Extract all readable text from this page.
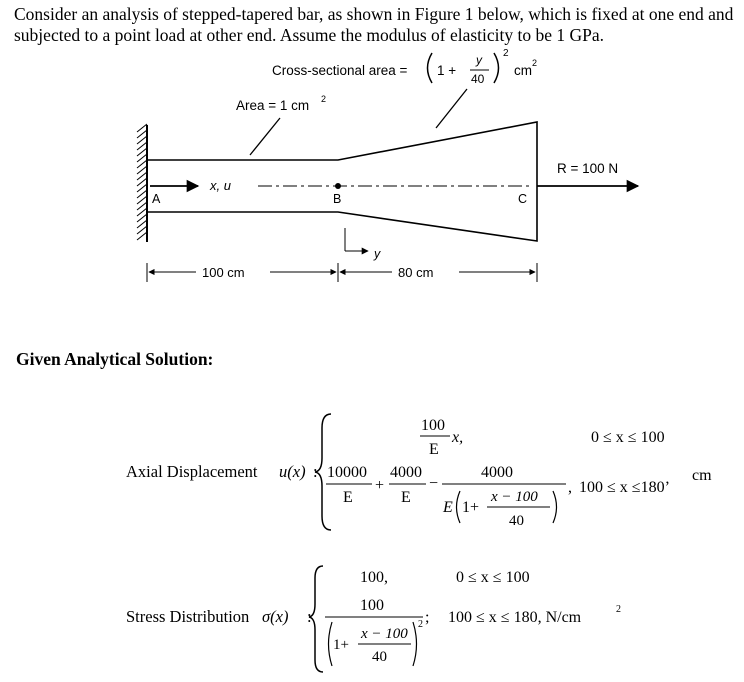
Consider an analysis of stepped-tapered bar, as shown in Figure 1 below, which is fixed at one end and subjected to a point load at other end. Assume the modulus of elasticity to be 1 GPa.
Cross-sectional area = 1 +
y
40
2
cm 2
Area = 1 cm 2
x, u
A	B	C
R = 100 N
y
100 cm	80 cm
Given Analytical Solution:
Axial Displacement u(x) :
100
E
x,	0 ≤ x ≤ 100
10000
E
+
4000
E
−
4000
E 1+
x − 100
40
, 100 ≤ x ≤180’
cm
Stress Distribution σ(x) :
100,	0 ≤ x ≤ 100
100
1+
x − 100
40
2 ; 100 ≤ x ≤ 180, N/cm	2
